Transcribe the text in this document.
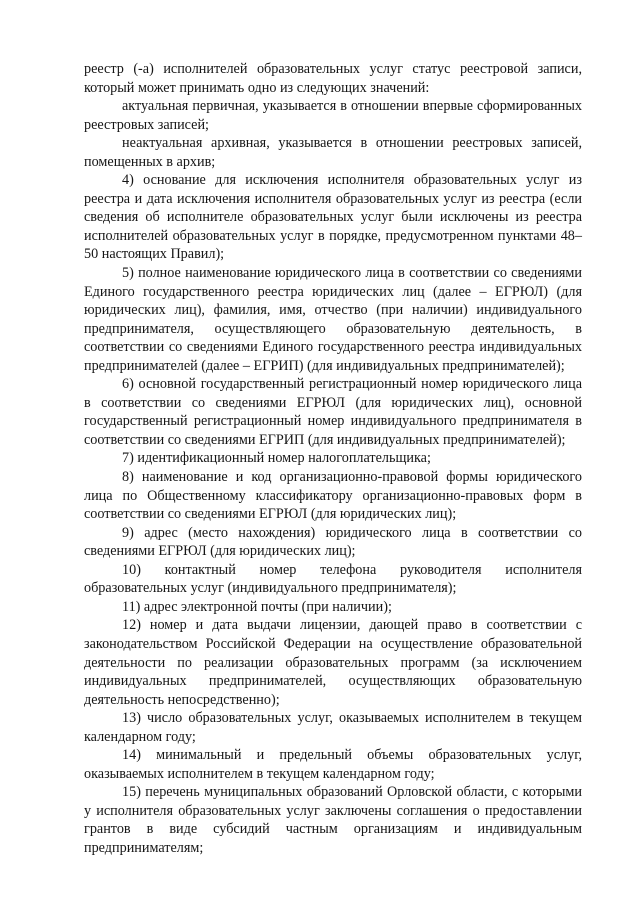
реестр (-а) исполнителей образовательных услуг статус реестровой записи, который может принимать одно из следующих значений:

актуальная первичная, указывается в отношении впервые сформированных реестровых записей;

неактуальная архивная, указывается в отношении реестровых записей, помещенных в архив;

4) основание для исключения исполнителя образовательных услуг из реестра и дата исключения исполнителя образовательных услуг из реестра (если сведения об исполнителе образовательных услуг были исключены из реестра исполнителей образовательных услуг в порядке, предусмотренном пунктами 48–50 настоящих Правил);

5) полное наименование юридического лица в соответствии со сведениями Единого государственного реестра юридических лиц (далее – ЕГРЮЛ) (для юридических лиц), фамилия, имя, отчество (при наличии) индивидуального предпринимателя, осуществляющего образовательную деятельность, в соответствии со сведениями Единого государственного реестра индивидуальных предпринимателей (далее – ЕГРИП) (для индивидуальных предпринимателей);

6) основной государственный регистрационный номер юридического лица в соответствии со сведениями ЕГРЮЛ (для юридических лиц), основной государственный регистрационный номер индивидуального предпринимателя в соответствии со сведениями ЕГРИП (для индивидуальных предпринимателей);

7) идентификационный номер налогоплательщика;

8) наименование и код организационно-правовой формы юридического лица по Общественному классификатору организационно-правовых форм в соответствии со сведениями ЕГРЮЛ (для юридических лиц);

9) адрес (место нахождения) юридического лица в соответствии со сведениями ЕГРЮЛ (для юридических лиц);

10) контактный номер телефона руководителя исполнителя образовательных услуг (индивидуального предпринимателя);

11) адрес электронной почты (при наличии);

12) номер и дата выдачи лицензии, дающей право в соответствии с законодательством Российской Федерации на осуществление образовательной деятельности по реализации образовательных программ (за исключением индивидуальных предпринимателей, осуществляющих образовательную деятельность непосредственно);

13) число образовательных услуг, оказываемых исполнителем в текущем календарном году;

14) минимальный и предельный объемы образовательных услуг, оказываемых исполнителем в текущем календарном году;

15) перечень муниципальных образований Орловской области, с которыми у исполнителя образовательных услуг заключены соглашения о предоставлении грантов в виде субсидий частным организациям и индивидуальным предпринимателям;
